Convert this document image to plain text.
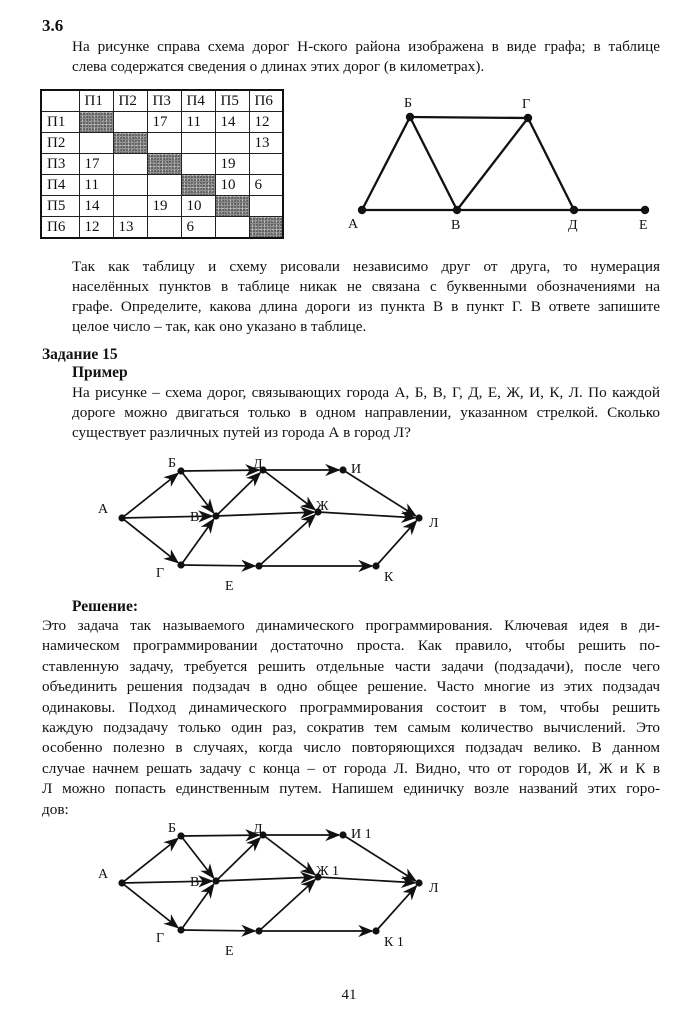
3.6
На рисунке справа схема дорог Н-ского района изображена в виде графа; в таблице
слева содержатся сведения о длинах этих дорог (в километрах).
	П1	П2	П3	П4	П5	П6
П1			17	11	14	12
П2						13
П3	17				19	
П4	11				10	6
П5	14		19	10		
П6	12	13		6			А
Б	Г
В	Д	Е
А
Б
В
Г
Д
Е
Ж
И
К
Л
А
Б
В
Г
Д
Е
Ж 1
И 1
К 1
Л
Так как таблицу и схему рисовали независимо друг от друга, то нумерация
населённых пунктов в таблице никак не связана с буквенными обозначениями на
графе. Определите, какова длина дороги из пункта В в пункт Г. В ответе запишите
целое число – так, как оно указано в таблице.
Задание 15
Пример
На рисунке – схема дорог, связывающих города А, Б, В, Г, Д, Е, Ж, И, К, Л. По каждой
дороге можно двигаться только в одном направлении, указанном стрелкой. Сколько
существует различных путей из города А в город Л?
Решение:
Это задача так называемого динамического программирования. Ключевая идея в ди-
намическом программировании достаточно проста. Как правило, чтобы решить по-
ставленную задачу, требуется решить отдельные части задачи (подзадачи), после чего
объединить решения подзадач в одно общее решение. Часто многие из этих подзадач
одинаковы. Подход динамического программирования состоит в том, чтобы решить
каждую подзадачу только один раз, сократив тем самым количество вычислений. Это
особенно полезно в случаях, когда число повторяющихся подзадач велико. В данном
случае начнем решать задачу с конца – от города Л. Видно, что от городов И, Ж и К в
Л можно попасть единственным путем. Напишем единичку возле названий этих горо-
дов:
41
